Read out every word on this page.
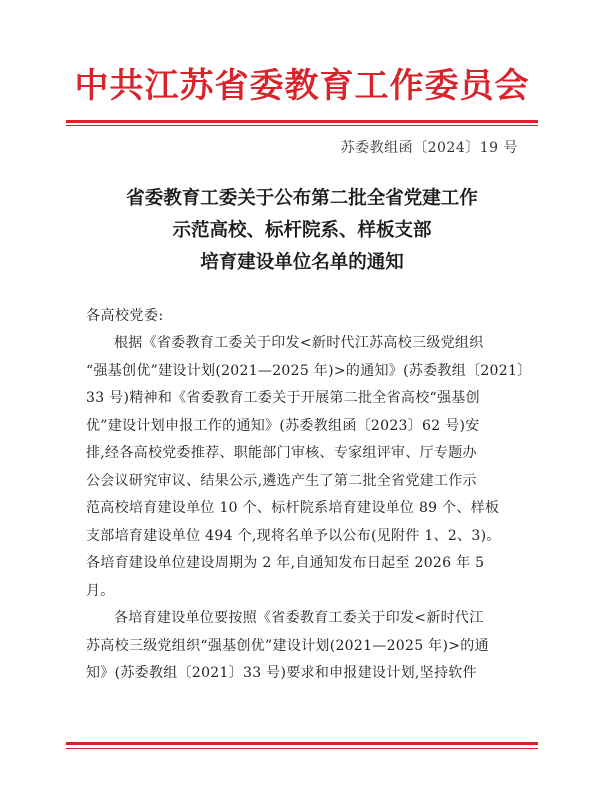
中共江苏省委教育工作委员会
苏委教组函〔2024〕19 号
省委教育工委关于公布第二批全省党建工作
示范高校、标杆院系、样板支部
培育建设单位名单的通知
各高校党委:
根据《省委教育工委关于印发<新时代江苏高校三级党组织
“强基创优”建设计划(2021—2025 年)>的通知》(苏委教组〔2021〕
33 号)精神和《省委教育工委关于开展第二批全省高校“强基创
优”建设计划申报工作的通知》(苏委教组函〔2023〕62 号)安
排,经各高校党委推荐、职能部门审核、专家组评审、厅专题办
公会议研究审议、结果公示,遴选产生了第二批全省党建工作示
范高校培育建设单位 10 个、标杆院系培育建设单位 89 个、样板
支部培育建设单位 494 个,现将名单予以公布(见附件 1、2、3)。
各培育建设单位建设周期为 2 年,自通知发布日起至 2026 年 5
月。
各培育建设单位要按照《省委教育工委关于印发<新时代江
苏高校三级党组织“强基创优”建设计划(2021—2025 年)>的通
知》(苏委教组〔2021〕33 号)要求和申报建设计划,坚持软件
